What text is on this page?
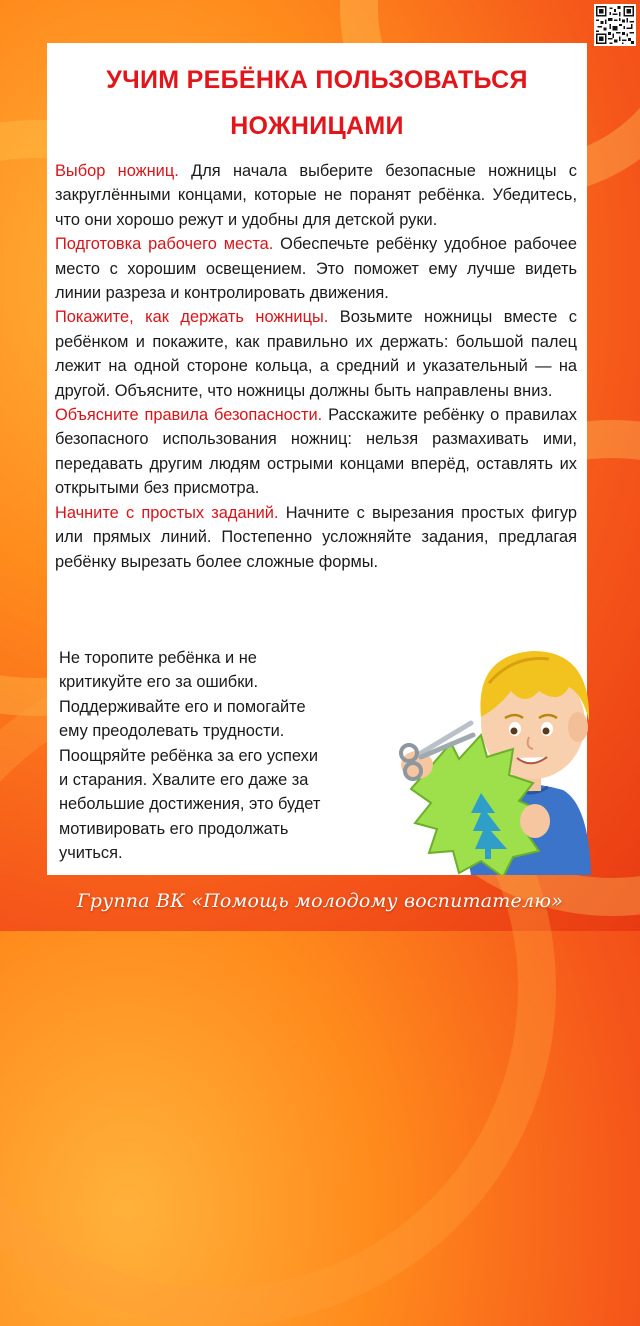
УЧИМ РЕБЁНКА ПОЛЬЗОВАТЬСЯ
НОЖНИЦАМИ

Выбор ножниц. Для начала выберите безопасные ножницы с закруглёнными концами, которые не поранят ребёнка. Убедитесь, что они хорошо режут и удобны для детской руки.

Подготовка рабочего места. Обеспечьте ребёнку удобное рабочее место с хорошим освещением. Это поможет ему лучше видеть линии разреза и контролировать движения.

Покажите, как держать ножницы. Возьмите ножницы вместе с ребёнком и покажите, как правильно их держать: большой палец лежит на одной стороне кольца, а средний и указательный — на другой. Объясните, что ножницы должны быть направлены вниз.

Объясните правила безопасности. Расскажите ребёнку о правилах безопасного использования ножниц: нельзя размахивать ими, передавать другим людям острыми концами вперёд, оставлять их открытыми без присмотра.

Начните с простых заданий. Начните с вырезания простых фигур или прямых линий. Постепенно усложняйте задания, предлагая ребёнку вырезать более сложные формы.

Не торопите ребёнка и не

критикуйте его за ошибки.

Поддерживайте его и помогайте

ему преодолевать трудности.

Поощряйте ребёнка за его успехи

и старания. Хвалите его даже за

небольшие достижения, это будет

мотивировать его продолжать

учиться.

Группа ВК «Помощь молодому воспитателю»
